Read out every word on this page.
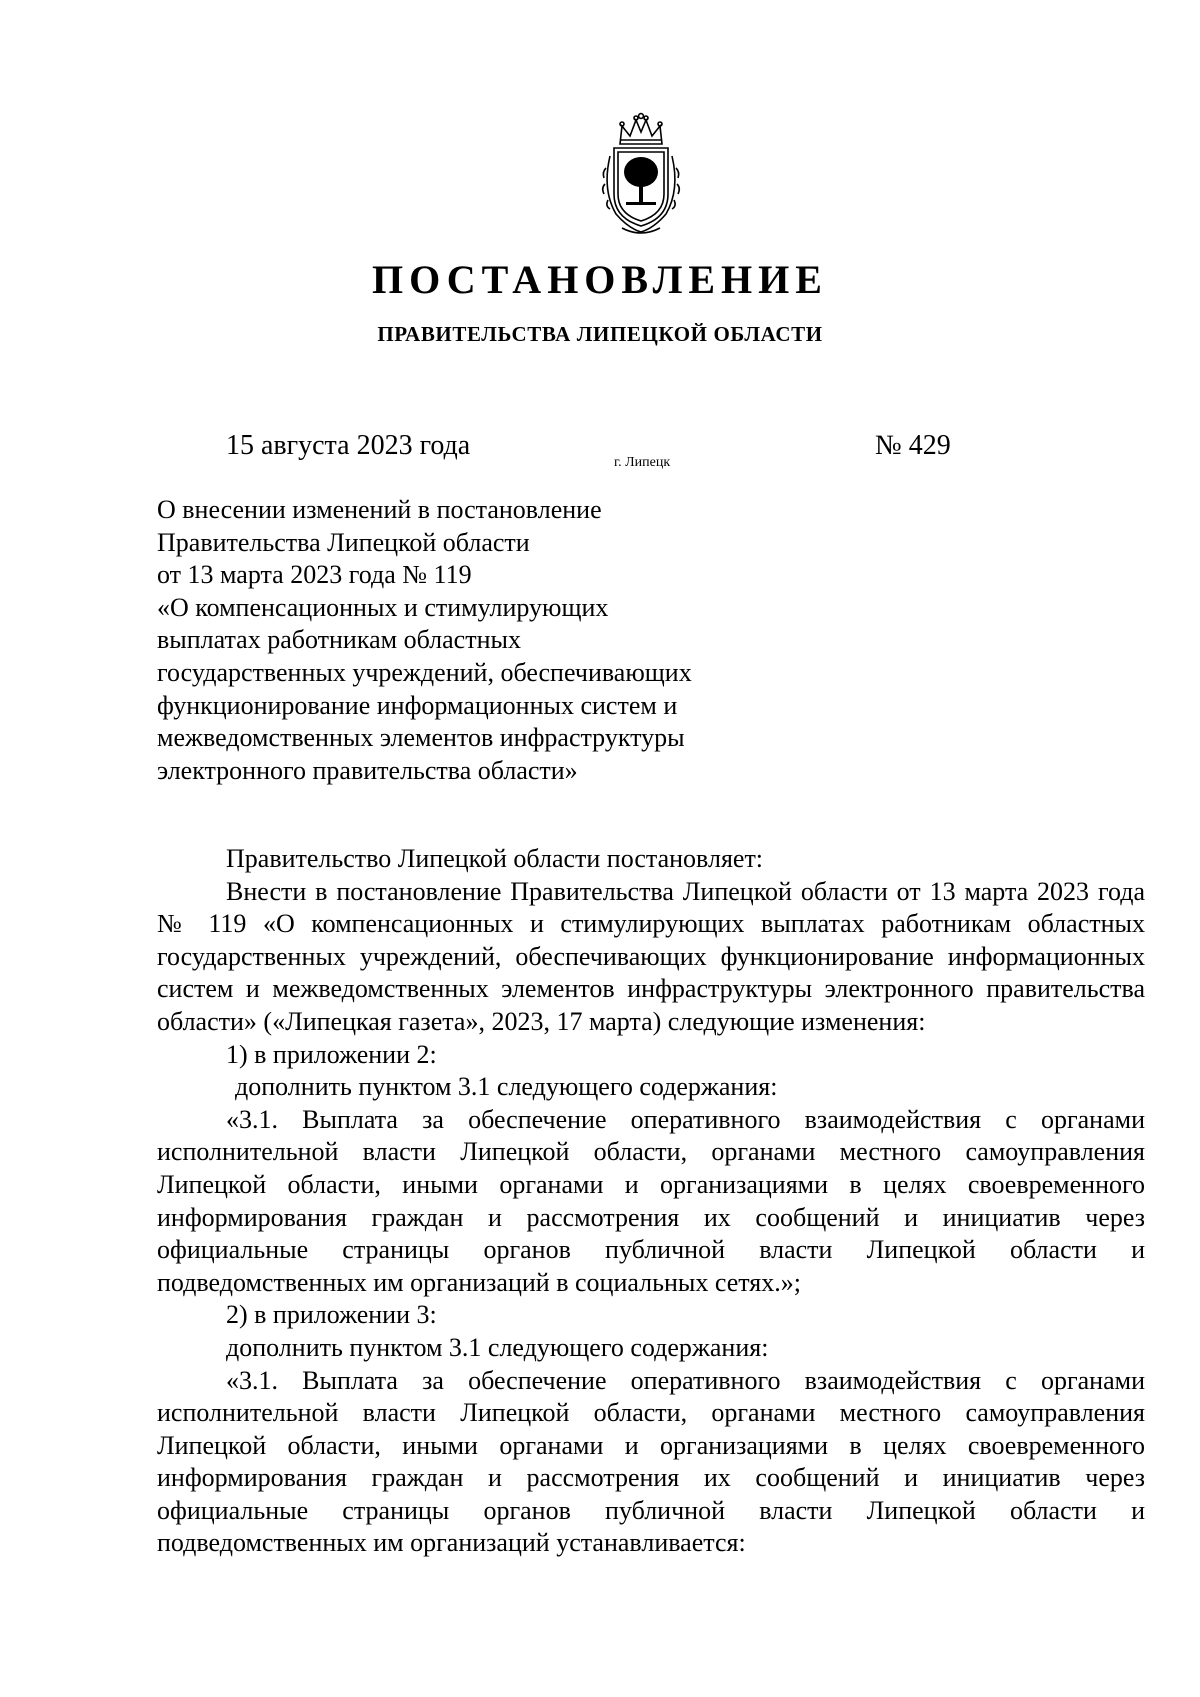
ПОСТАНОВЛЕНИЕ
ПРАВИТЕЛЬСТВА ЛИПЕЦКОЙ ОБЛАСТИ
15 августа 2023 года
г. Липецк
№ 429
О внесении изменений в постановление
Правительства Липецкой области
от 13 марта 2023 года № 119
«О компенсационных и стимулирующих
выплатах работникам областных
государственных учреждений, обеспечивающих
функционирование информационных систем и
межведомственных элементов инфраструктуры
электронного правительства области»

Правительство Липецкой области постановляет:

Внести в постановление Правительства Липецкой области от 13 марта 2023 года № 119 «О компенсационных и стимулирующих выплатах работникам областных государственных учреждений, обеспечивающих функционирование информационных систем и межведомственных элементов инфраструктуры электронного правительства области» («Липецкая газета», 2023, 17 марта) следующие изменения:

1) в приложении 2:

дополнить пунктом 3.1 следующего содержания:

«3.1. Выплата за обеспечение оперативного взаимодействия с органами исполнительной власти Липецкой области, органами местного самоуправления Липецкой области, иными органами и организациями в целях своевременного информирования граждан и рассмотрения их сообщений и инициатив через официальные страницы органов публичной власти Липецкой области и подведомственных им организаций в социальных сетях.»;

2) в приложении 3:

дополнить пунктом 3.1 следующего содержания:

«3.1. Выплата за обеспечение оперативного взаимодействия с органами исполнительной власти Липецкой области, органами местного самоуправления Липецкой области, иными органами и организациями в целях своевременного информирования граждан и рассмотрения их сообщений и инициатив через официальные страницы органов публичной власти Липецкой области и подведомственных им организаций устанавливается:
